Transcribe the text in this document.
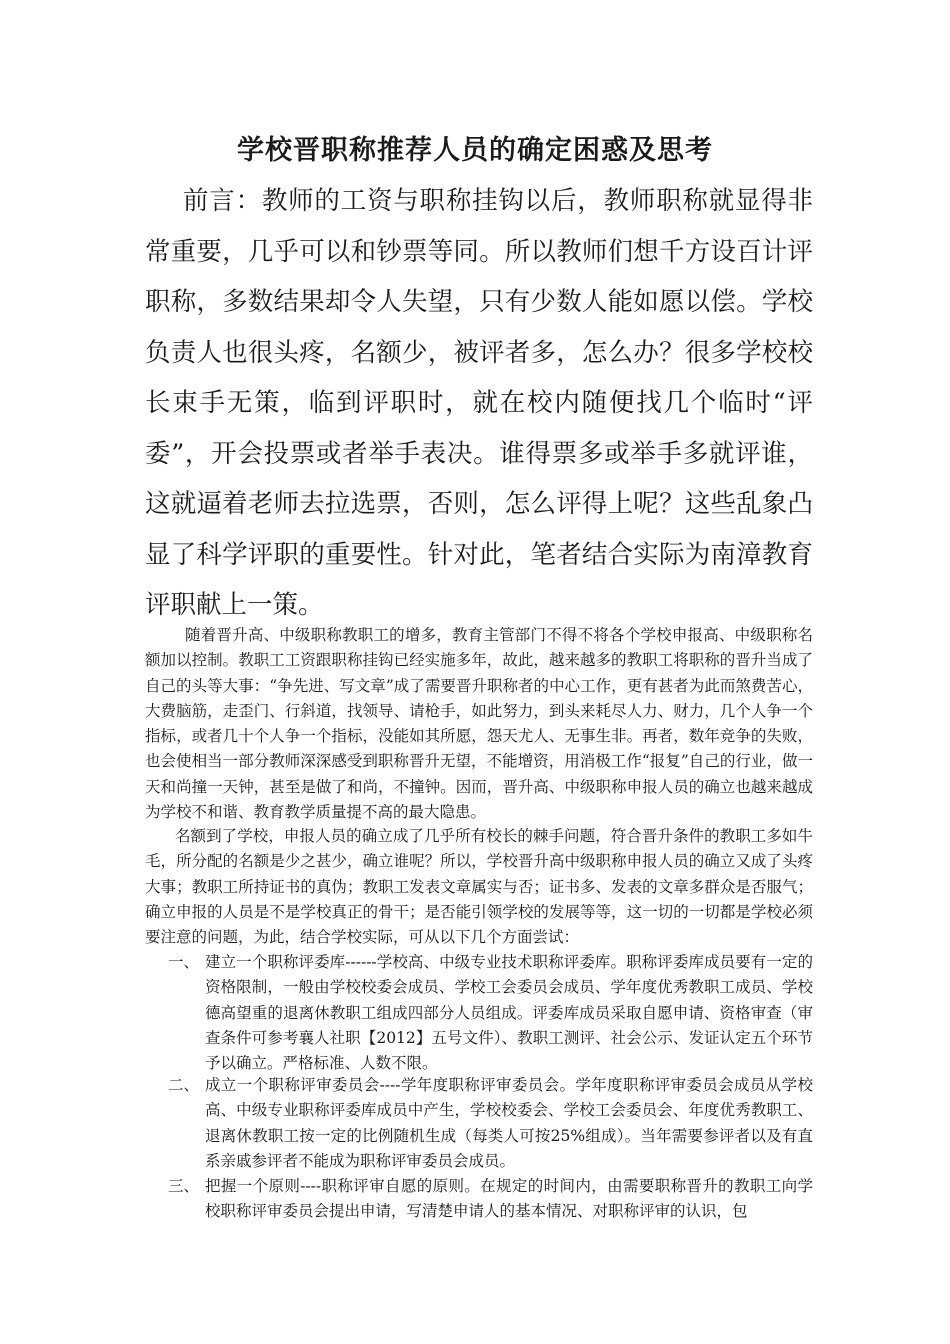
学校晋职称推荐人员的确定困惑及思考

前言：教师的工资与职称挂钩以后，教师职称就显得非常重要，几乎可以和钞票等同。所以教师们想千方设百计评职称，多数结果却令人失望，只有少数人能如愿以偿。学校负责人也很头疼，名额少，被评者多，怎么办？很多学校校长束手无策，临到评职时，就在校内随便找几个临时“评委”，开会投票或者举手表决。谁得票多或举手多就评谁，这就逼着老师去拉选票，否则，怎么评得上呢？这些乱象凸显了科学评职的重要性。针对此，笔者结合实际为南漳教育评职献上一策。

随着晋升高、中级职称教职工的增多，教育主管部门不得不将各个学校申报高、中级职称名额加以控制。教职工工资跟职称挂钩已经实施多年，故此，越来越多的教职工将职称的晋升当成了自己的头等大事：“争先进、写文章”成了需要晋升职称者的中心工作，更有甚者为此而煞费苦心，大费脑筋，走歪门、行斜道，找领导、请枪手，如此努力，到头来耗尽人力、财力，几个人争一个指标，或者几十个人争一个指标，没能如其所愿，怨天尤人、无事生非。再者，数年竞争的失败，也会使相当一部分教师深深感受到职称晋升无望，不能增资，用消极工作“报复”自己的行业，做一天和尚撞一天钟，甚至是做了和尚，不撞钟。因而，晋升高、中级职称申报人员的确立也越来越成为学校不和谐、教育教学质量提不高的最大隐患。

名额到了学校，申报人员的确立成了几乎所有校长的棘手问题，符合晋升条件的教职工多如牛毛，所分配的名额是少之甚少，确立谁呢？所以，学校晋升高中级职称申报人员的确立又成了头疼大事；教职工所持证书的真伪；教职工发表文章属实与否；证书多、发表的文章多群众是否服气；确立申报的人员是不是学校真正的骨干；是否能引领学校的发展等等，这一切的一切都是学校必须要注意的问题，为此，结合学校实际，可从以下几个方面尝试：

一、 建立一个职称评委库------学校高、中级专业技术职称评委库。职称评委库成员要有一定的资格限制，一般由学校校委会成员、学校工会委员会成员、学年度优秀教职工成员、学校德高望重的退离休教职工组成四部分人员组成。评委库成员采取自愿申请、资格审查（审查条件可参考襄人社职【2012】五号文件）、教职工测评、社会公示、发证认定五个环节予以确立。严格标准、人数不限。
二、 成立一个职称评审委员会----学年度职称评审委员会。学年度职称评审委员会成员从学校高、中级专业职称评委库成员中产生，学校校委会、学校工会委员会、年度优秀教职工、退离休教职工按一定的比例随机生成（每类人可按25%组成）。当年需要参评者以及有直系亲戚参评者不能成为职称评审委员会成员。
三、 把握一个原则----职称评审自愿的原则。在规定的时间内，由需要职称晋升的教职工向学校职称评审委员会提出申请，写清楚申请人的基本情况、对职称评审的认识，包
